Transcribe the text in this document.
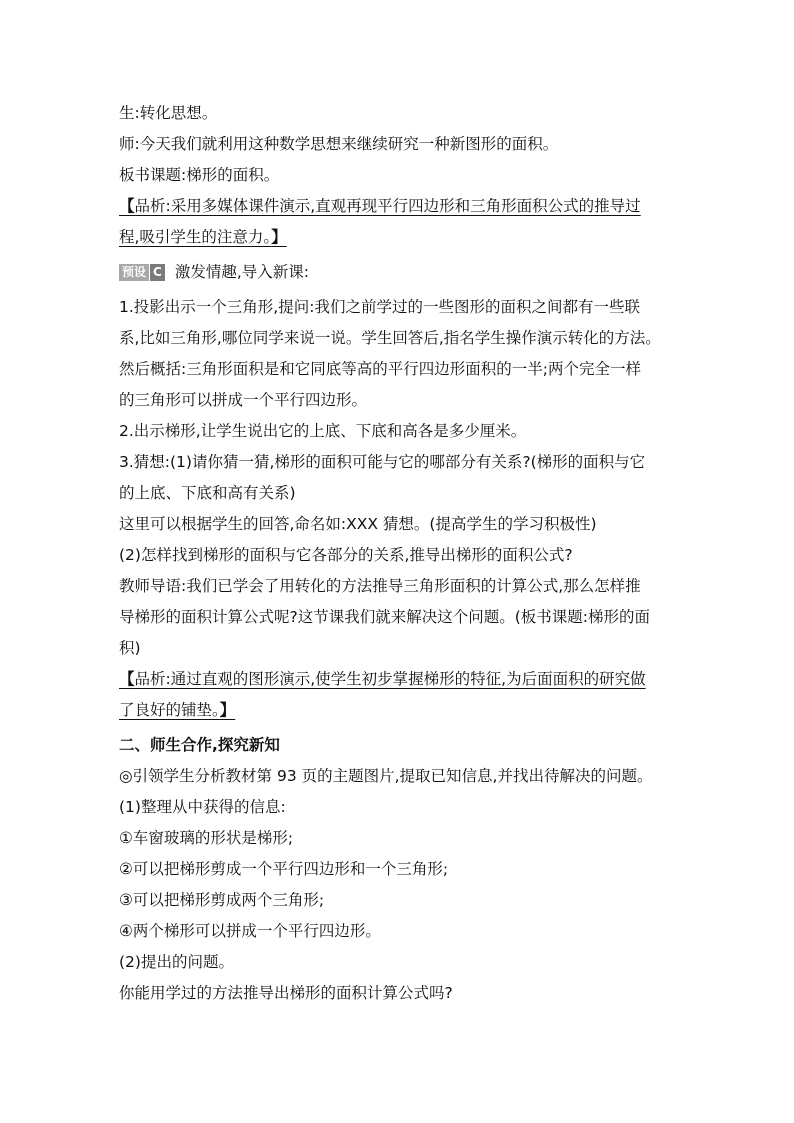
生:转化思想。
师:今天我们就利用这种数学思想来继续研究一种新图形的面积。
板书课题:梯形的面积。
【品析:采用多媒体课件演示,直观再现平行四边形和三角形面积公式的推导过
程,吸引学生的注意力。】
预设 C 激发情趣,导入新课:
1.投影出示一个三角形,提问:我们之前学过的一些图形的面积之间都有一些联
系,比如三角形,哪位同学来说一说。学生回答后,指名学生操作演示转化的方法。
然后概括:三角形面积是和它同底等高的平行四边形面积的一半;两个完全一样
的三角形可以拼成一个平行四边形。
2.出示梯形,让学生说出它的上底、下底和高各是多少厘米。
3.猜想:(1)请你猜一猜,梯形的面积可能与它的哪部分有关系?(梯形的面积与它
的上底、下底和高有关系)
这里可以根据学生的回答,命名如:XXX 猜想。(提高学生的学习积极性)
(2)怎样找到梯形的面积与它各部分的关系,推导出梯形的面积公式?
教师导语:我们已学会了用转化的方法推导三角形面积的计算公式,那么怎样推
导梯形的面积计算公式呢?这节课我们就来解决这个问题。(板书课题:梯形的面
积)
【品析:通过直观的图形演示,使学生初步掌握梯形的特征,为后面面积的研究做
了良好的铺垫。】
二、师生合作,探究新知
◎引领学生分析教材第 93 页的主题图片,提取已知信息,并找出待解决的问题。
(1)整理从中获得的信息:
①车窗玻璃的形状是梯形;
②可以把梯形剪成一个平行四边形和一个三角形;
③可以把梯形剪成两个三角形;
④两个梯形可以拼成一个平行四边形。
(2)提出的问题。
你能用学过的方法推导出梯形的面积计算公式吗?
